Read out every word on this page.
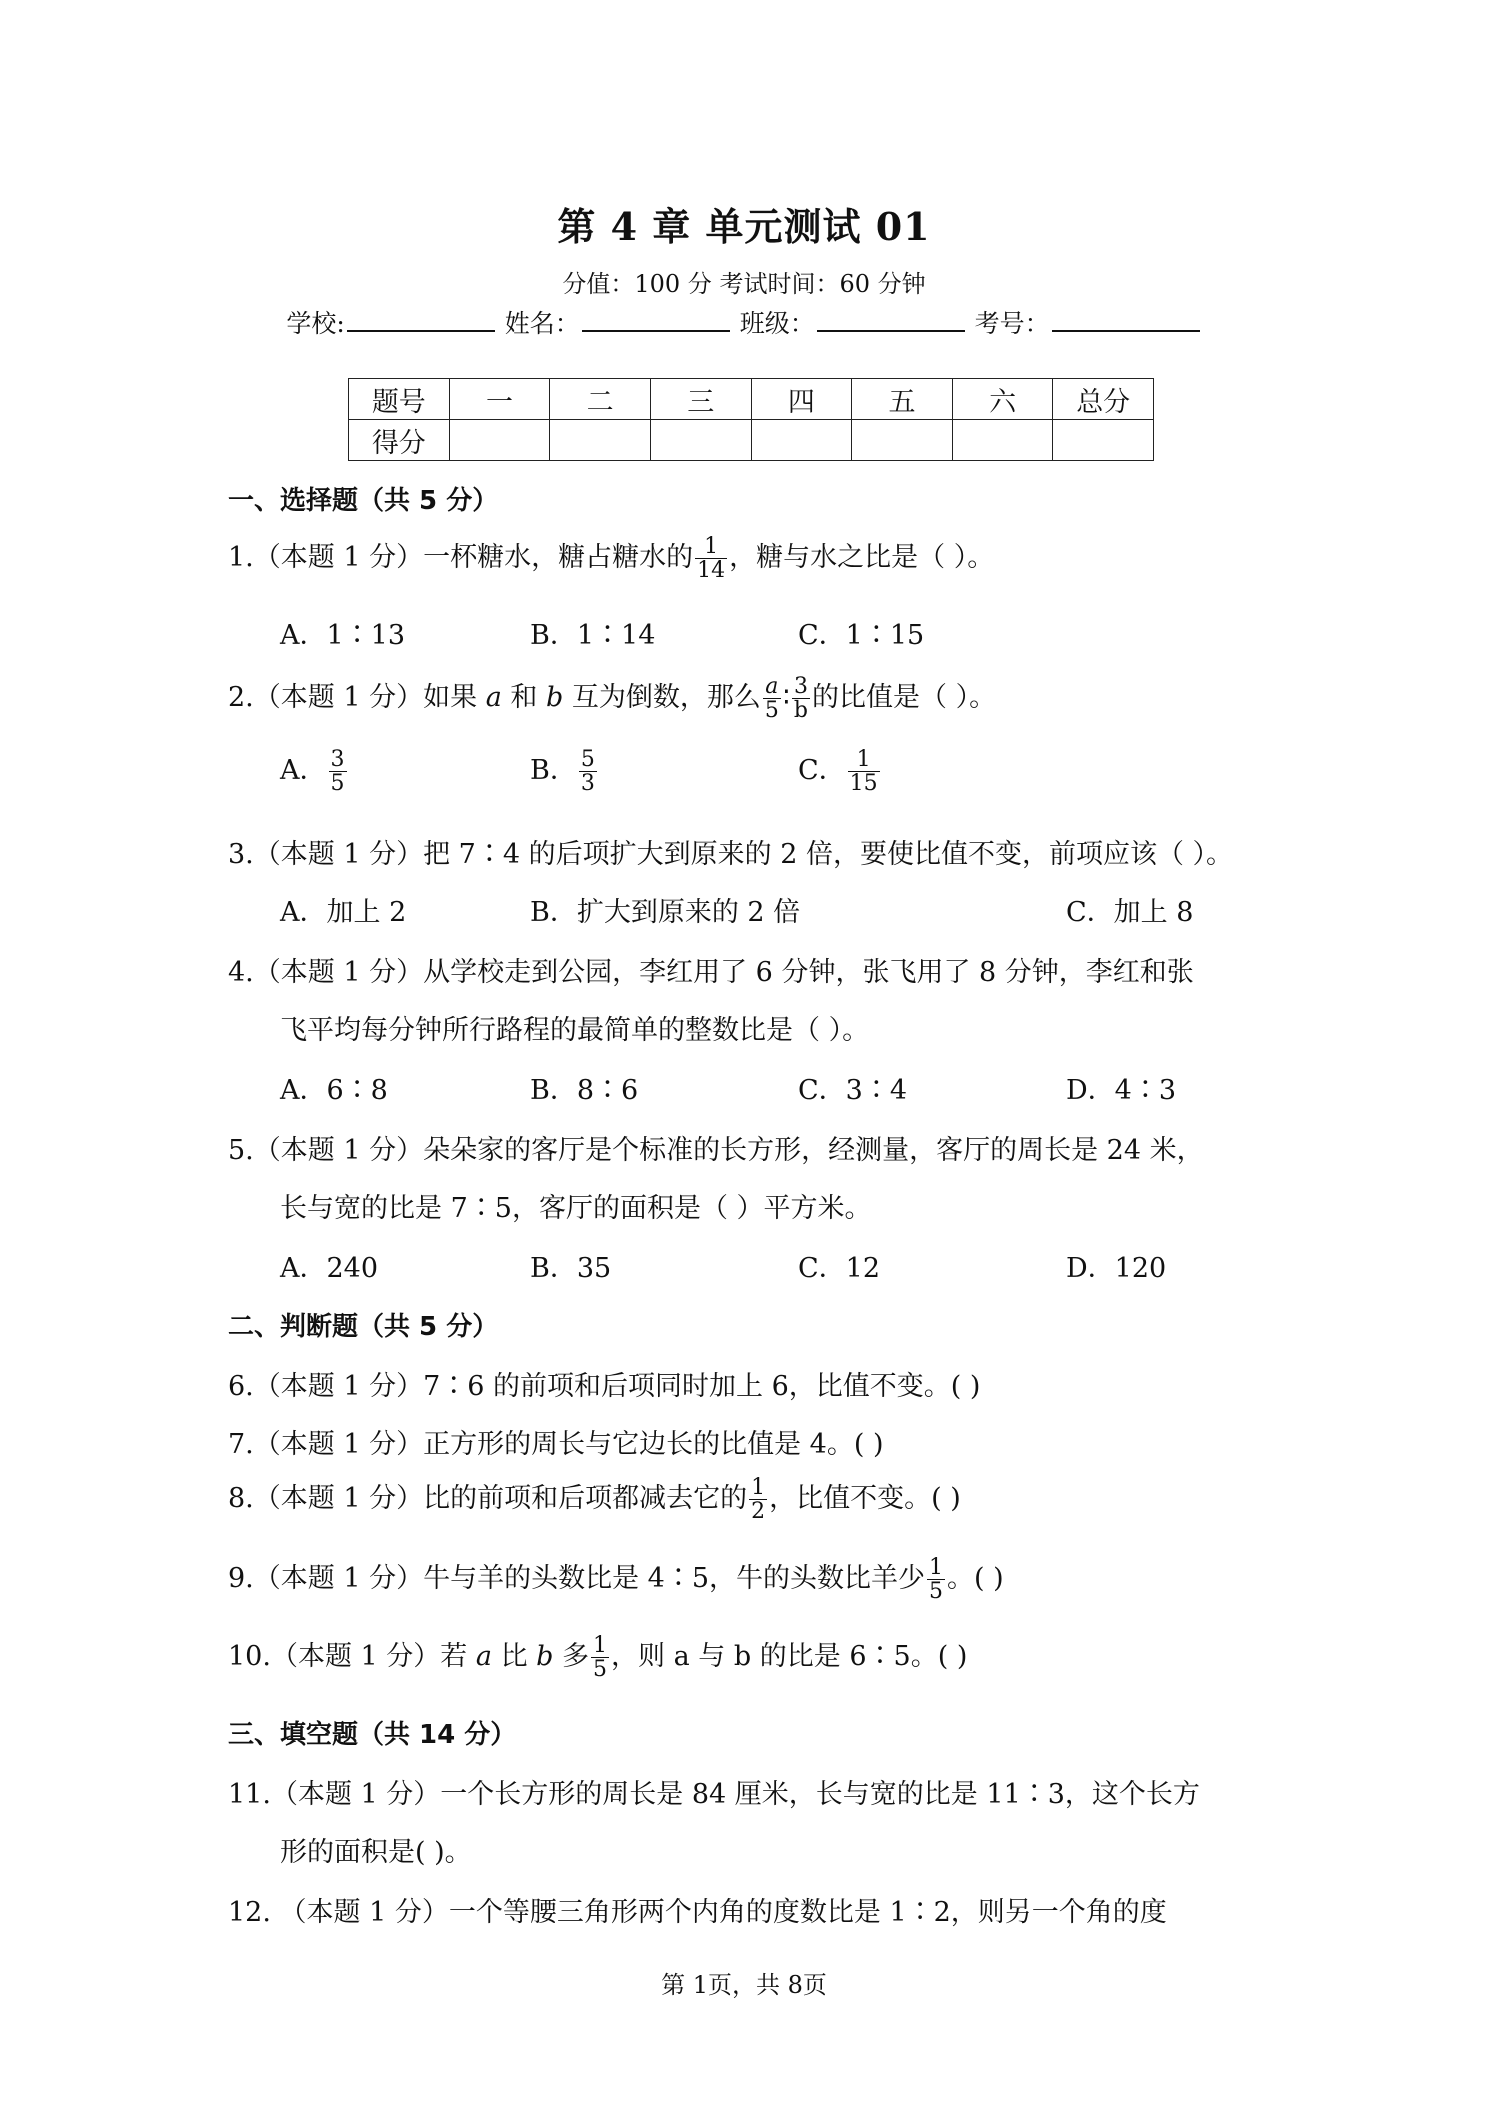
第 4 章 单元测试 01
分值：100 分 考试时间：60 分钟
学校:	姓名：	班级：	考号：
题号	一	二	三	四	五	六	总分
得分							
一、选择题（共 5 分）
1.（本题 1 分）一杯糖水，糖占糖水的 $\frac{1}{14}$ ，糖与水之比是（ ）。
A．1∶13	B．1∶14	C．1∶15
2.（本题 1 分）如果 a 和 b 互为倒数，那么 $\frac{a}{5}$ ∶ $\frac{3}{b}$ 的比值是（ ）。
A． $\frac{3}{5}$	B． $\frac{5}{3}$	C． $\frac{1}{15}$
3.（本题 1 分）把 7∶4 的后项扩大到原来的 2 倍，要使比值不变，前项应该（ ）。
A．加上 2	B．扩大到原来的 2 倍	C．加上 8
4.（本题 1 分）从学校走到公园，李红用了 6 分钟，张飞用了 8 分钟，李红和张
飞平均每分钟所行路程的最简单的整数比是（ ）。
A．6∶8	B．8∶6	C．3∶4	D．4∶3
5.（本题 1 分）朵朵家的客厅是个标准的长方形，经测量，客厅的周长是 24 米，
长与宽的比是 7∶5，客厅的面积是（ ）平方米。
A．240	B．35	C．12	D．120
二、判断题（共 5 分）
6.（本题 1 分）7∶6 的前项和后项同时加上 6，比值不变。( )
7.（本题 1 分）正方形的周长与它边长的比值是 4。( )
8.（本题 1 分）比的前项和后项都减去它的 $\frac{1}{2}$ ，比值不变。( )
9.（本题 1 分）牛与羊的头数比是 4∶5，牛的头数比羊少 $\frac{1}{5}$ 。( )
10.（本题 1 分）若 a 比 b 多 $\frac{1}{5}$ ，则 a 与 b 的比是 6∶5。( )
三、填空题（共 14 分）
11.（本题 1 分）一个长方形的周长是 84 厘米，长与宽的比是 11∶3，这个长方
形的面积是( )。
12. （本题 1 分）一个等腰三角形两个内角的度数比是 1∶2，则另一个角的度
第 1页，共 8页
